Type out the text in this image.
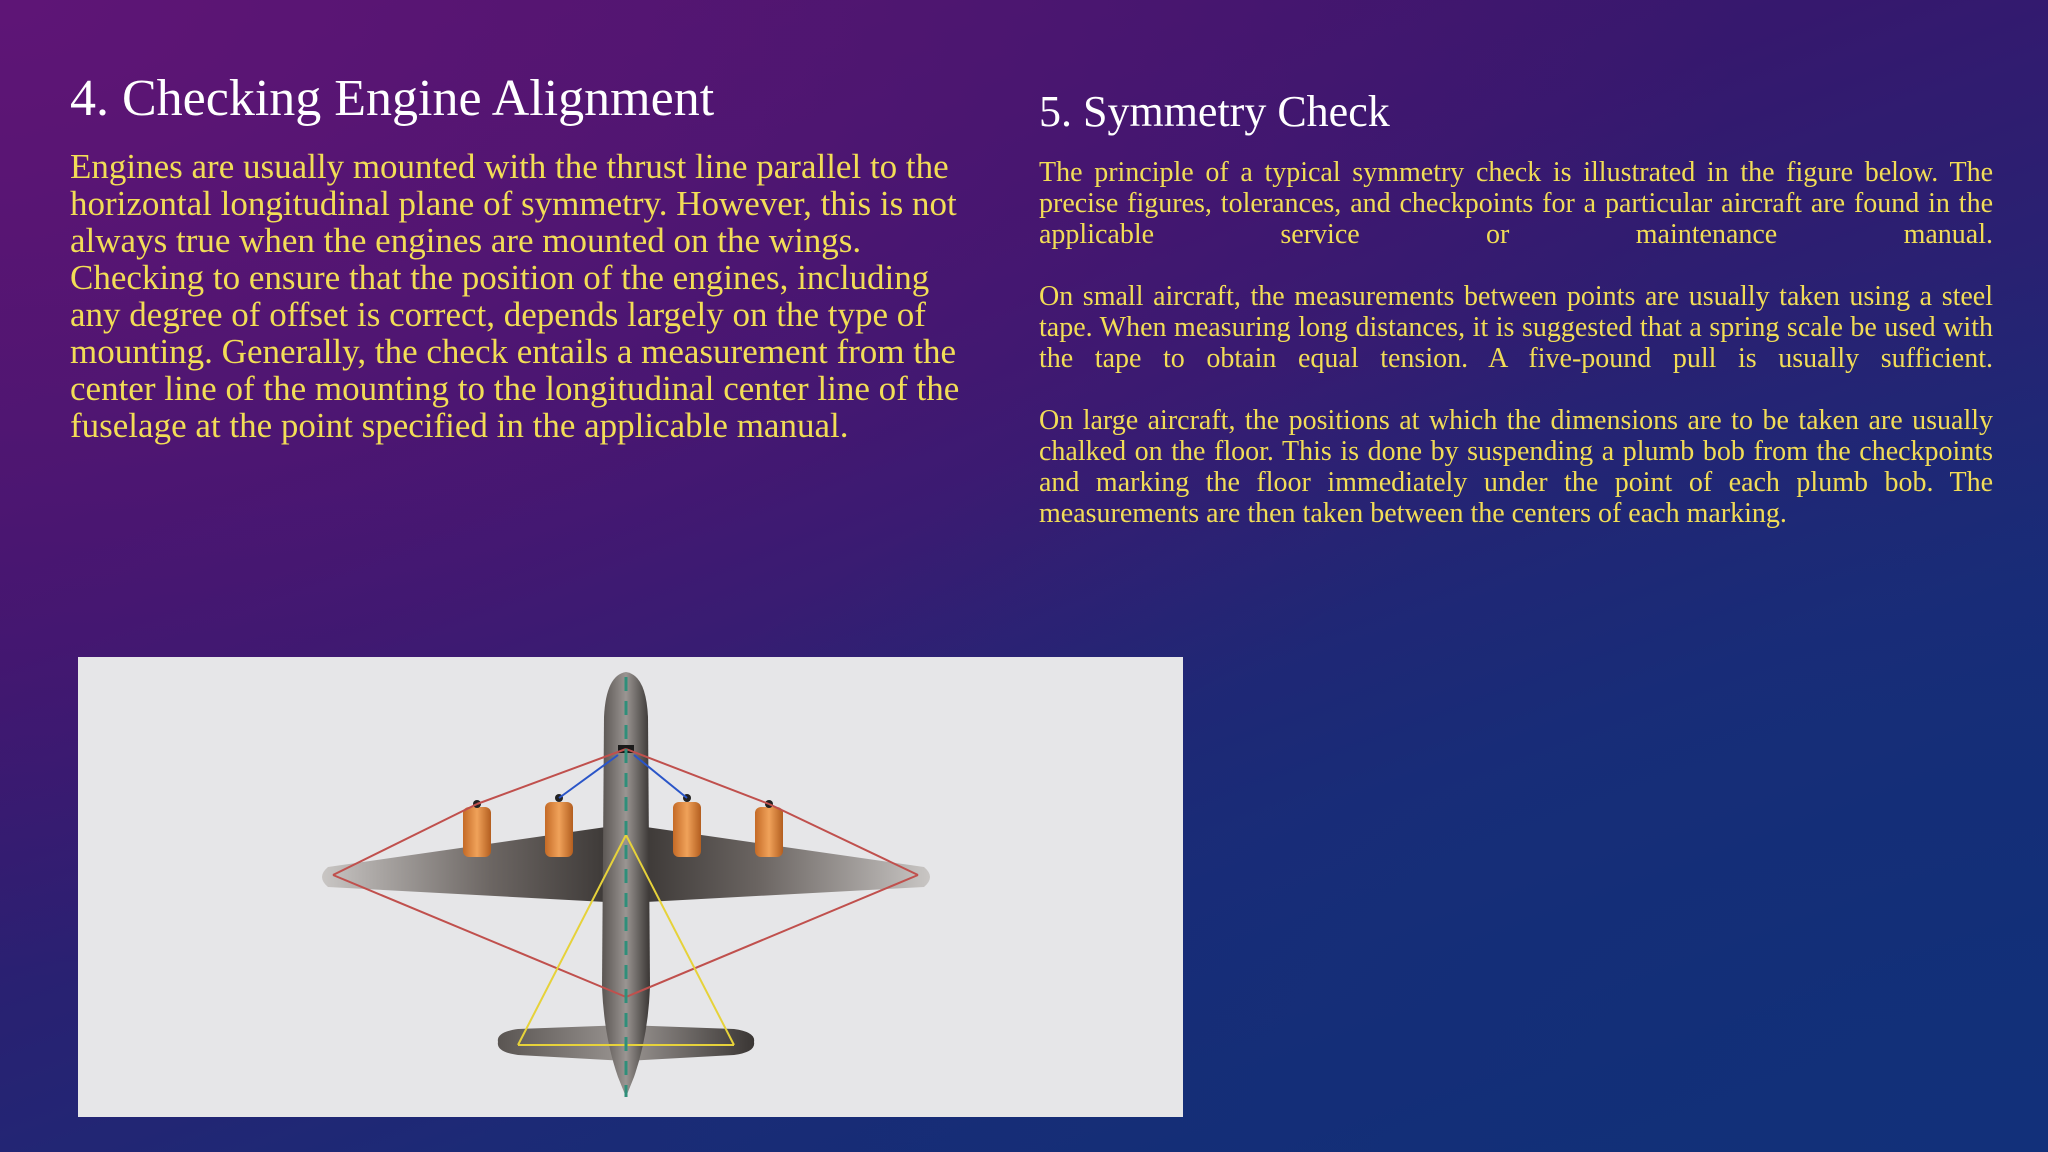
4. Checking Engine Alignment

Engines are usually mounted with the thrust line parallel to the horizontal longitudinal plane of symmetry. However, this is not always true when the engines are mounted on the wings. Checking to ensure that the position of the engines, including any degree of offset is correct, depends largely on the type of mounting. Generally, the check entails a measurement from the center line of the mounting to the longitudinal center line of the fuselage at the point specified in the applicable manual.

5. Symmetry Check

The principle of a typical symmetry check is illustrated in the figure below. The precise figures, tolerances, and checkpoints for a particular aircraft are found in the applicable service or maintenance manual.

On small aircraft, the measurements between points are usually taken using a steel tape. When measuring long distances, it is suggested that a spring scale be used with the tape to obtain equal tension. A five-pound pull is usually sufficient.

On large aircraft, the positions at which the dimensions are to be taken are usually chalked on the floor. This is done by suspending a plumb bob from the checkpoints and marking the floor immediately under the point of each plumb bob. The measurements are then taken between the centers of each marking.
